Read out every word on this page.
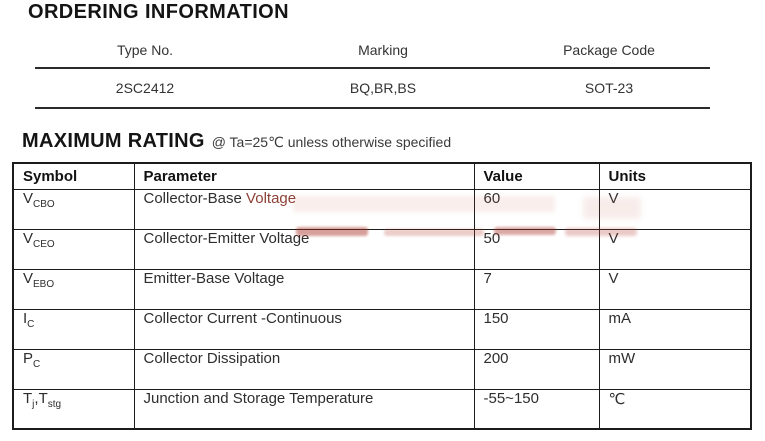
ORDERING INFORMATION
Type No.	Marking	Package Code
2SC2412	BQ,BR,BS	SOT-23
MAXIMUM RATING @ Ta=25℃ unless otherwise specified
Symbol	Parameter	Value	Units
$V_{CBO}$	Collector-Base Voltage	60	V
$V_{CEO}$	Collector-Emitter Voltage	50	V
$V_{EBO}$	Emitter-Base Voltage	7	V
$I_C$	Collector Current -Continuous	150	mA
$P_C$	Collector Dissipation	200	mW
$T_j,T_{stg}$	Junction and Storage Temperature	-55~150	℃
